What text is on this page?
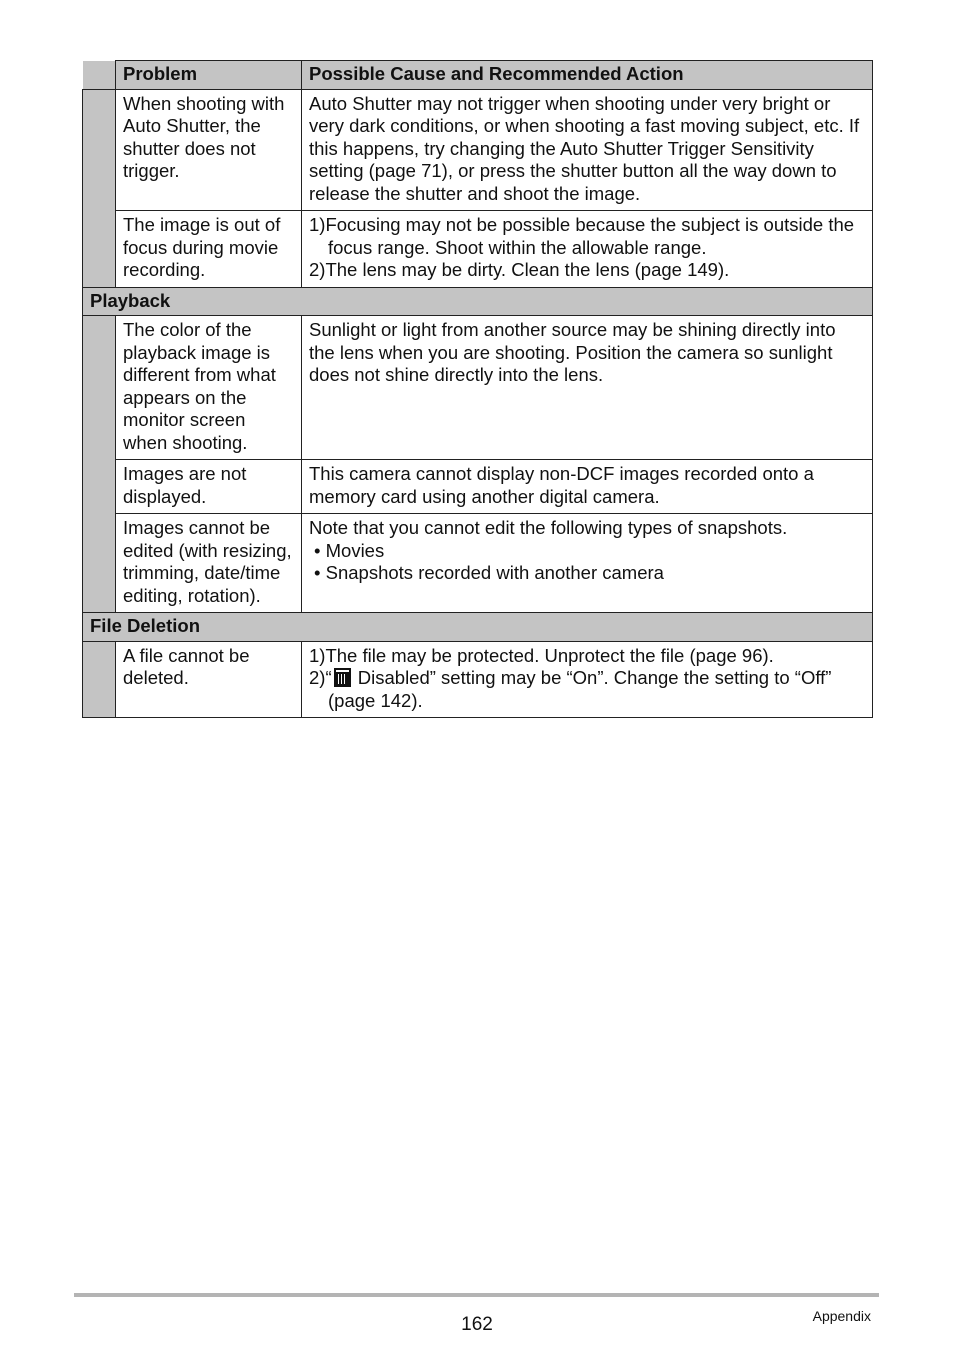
	Problem	Possible Cause and Recommended Action
	When shooting with Auto Shutter, the shutter does not trigger.	Auto Shutter may not trigger when shooting under very bright or very dark conditions, or when shooting a fast moving subject, etc. If this happens, try changing the Auto Shutter Trigger Sensitivity setting (page 71), or press the shutter button all the way down to release the shutter and shoot the image.
	The image is out of focus during movie recording.	1)Focusing may not be possible because the subject is outside the focus range. Shoot within the allowable range.
2)The lens may be dirty. Clean the lens (page 149).

Playback		
	The color of the playback image is different from what appears on the monitor screen when shooting.	Sunlight or light from another source may be shining directly into the lens when you are shooting. Position the camera so sunlight does not shine directly into the lens.
	Images are not displayed.	This camera cannot display non-DCF images recorded onto a memory card using another digital camera.
	Images cannot be edited (with resizing, trimming, date/time editing, rotation).	Note that you cannot edit the following types of snapshots.
• Movies
• Snapshots recorded with another camera

File Deletion		
	A file cannot be deleted.	1)The file may be protected. Unprotect the file (page 96).
2)“ Disabled” setting may be “On”. Change the setting to “Off” (page 142).
162	Appendix
